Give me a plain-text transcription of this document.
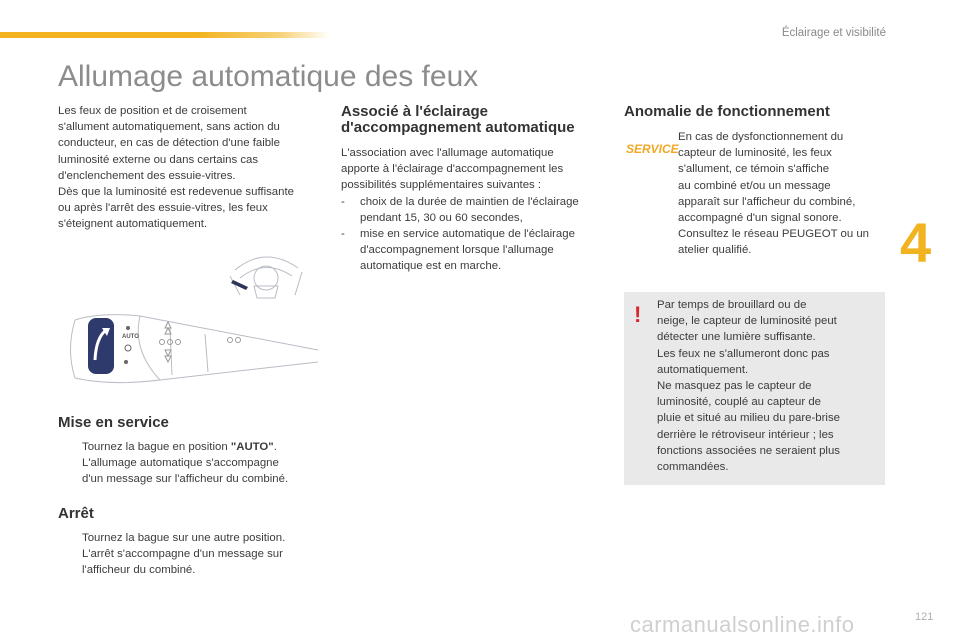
Éclairage et visibilité
4
Allumage automatique des feux

Les feux de position et de croisement
s'allument automatiquement, sans action du
conducteur, en cas de détection d'une faible
luminosité externe ou dans certains cas
d'enclenchement des essuie-vitres.
Dès que la luminosité est redevenue suffisante
ou après l'arrêt des essuie-vitres, les feux
s'éteignent automatiquement.

AUTO
Mise en service
Tournez la bague en position "AUTO".
L'allumage automatique s'accompagne
d'un message sur l'afficheur du combiné.
Arrêt
Tournez la bague sur une autre position.
L'arrêt s'accompagne d'un message sur
l'afficheur du combiné.
Associé à l'éclairage
d'accompagnement automatique

L'association avec l'allumage automatique
apporte à l'éclairage d'accompagnement les
possibilités supplémentaires suivantes :

-	choix de la durée de maintien de l'éclairage
pendant 15, 30 ou 60 secondes,
-	mise en service automatique de l'éclairage
d'accompagnement lorsque l'allumage
automatique est en marche.
Anomalie de fonctionnement

En cas de dysfonctionnement du
capteur de luminosité, les feux
s'allument, ce témoin s'affiche
au combiné et/ou un message
apparaît sur l'afficheur du combiné,
accompagné d'un signal sonore.
Consultez le réseau PEUGEOT ou un
atelier qualifié.

SERVICE
! Par temps de brouillard ou de
neige, le capteur de luminosité peut
détecter une lumière suffisante.
Les feux ne s'allumeront donc pas
automatiquement.
Ne masquez pas le capteur de
luminosité, couplé au capteur de
pluie et situé au milieu du pare-brise
derrière le rétroviseur intérieur ; les
fonctions associées ne seraient plus
commandées.

carmanualsonline.info	121
